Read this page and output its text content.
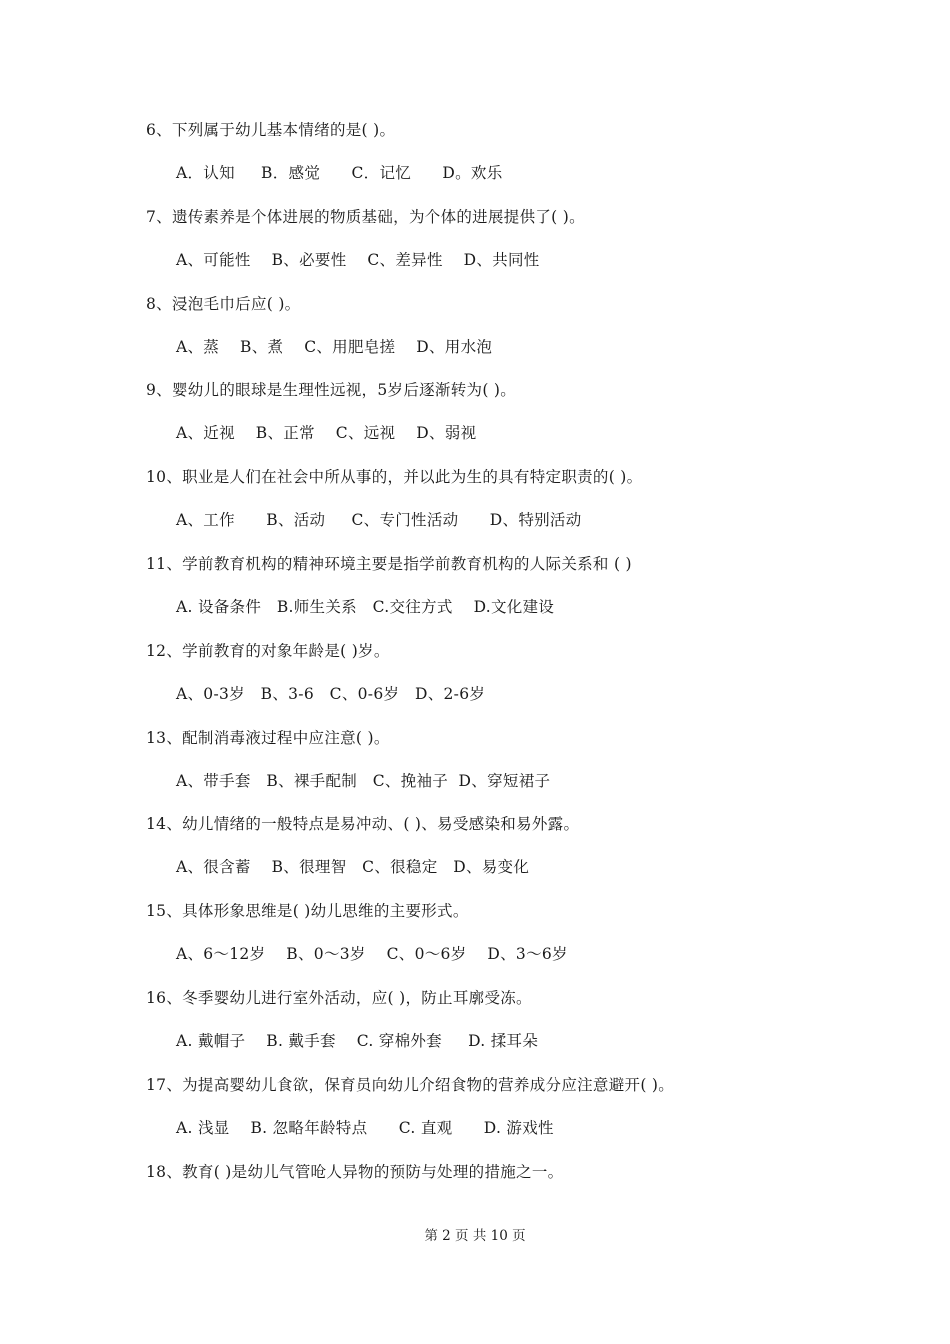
6、下列属于幼儿基本情绪的是( )。
A．认知     B．感觉      C．记忆      D。欢乐
7、遗传素养是个体进展的物质基础，为个体的进展提供了( )。
A、可能性    B、必要性    C、差异性    D、共同性
8、浸泡毛巾后应( )。
A、蒸    B、煮    C、用肥皂搓    D、用水泡
9、婴幼儿的眼球是生理性远视，5岁后逐渐转为( )。
A、近视    B、正常    C、远视    D、弱视
10、职业是人们在社会中所从事的，并以此为生的具有特定职责的( )。
A、工作      B、活动     C、专门性活动      D、特别活动
11、学前教育机构的精神环境主要是指学前教育机构的人际关系和 ( )
A. 设备条件   B.师生关系   C.交往方式    D.文化建设
12、学前教育的对象年龄是( )岁。
A、0-3岁   B、3-6   C、0-6岁   D、2-6岁
13、配制消毒液过程中应注意( )。
A、带手套   B、裸手配制   C、挽袖子  D、穿短裙子
14、幼儿情绪的一般特点是易冲动、( )、易受感染和易外露。
A、很含蓄    B、很理智   C、很稳定   D、易变化
15、具体形象思维是( )幼儿思维的主要形式。
A、6～12岁    B、0～3岁    C、0～6岁    D、3～6岁
16、冬季婴幼儿进行室外活动，应( )，防止耳廓受冻。
A. 戴帽子    B. 戴手套    C. 穿棉外套     D. 揉耳朵
17、为提高婴幼儿食欲，保育员向幼儿介绍食物的营养成分应注意避开( )。
A. 浅显    B. 忽略年龄特点      C. 直观      D. 游戏性
18、教育( )是幼儿气管呛人异物的预防与处理的措施之一。
第 2 页 共 10 页
